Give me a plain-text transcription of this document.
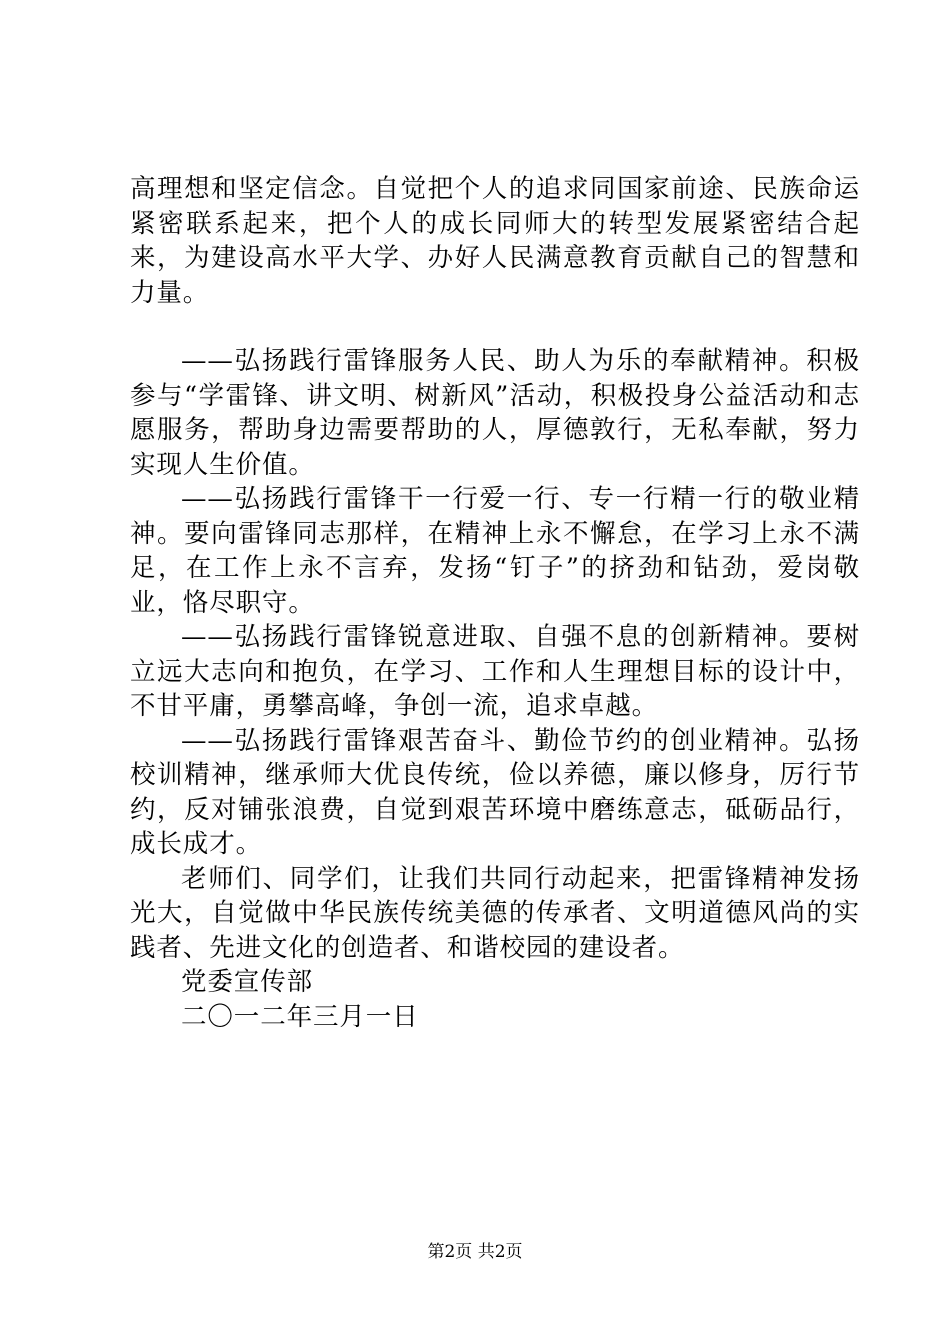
高理想和坚定信念。自觉把个人的追求同国家前途、民族命运紧密联系起来，把个人的成长同师大的转型发展紧密结合起来，为建设高水平大学、办好人民满意教育贡献自己的智慧和力量。

——弘扬践行雷锋服务人民、助人为乐的奉献精神。积极参与“学雷锋、讲文明、树新风”活动，积极投身公益活动和志愿服务，帮助身边需要帮助的人，厚德敦行，无私奉献，努力实现人生价值。

——弘扬践行雷锋干一行爱一行、专一行精一行的敬业精神。要向雷锋同志那样，在精神上永不懈怠，在学习上永不满足，在工作上永不言弃，发扬“钉子”的挤劲和钻劲，爱岗敬业，恪尽职守。

——弘扬践行雷锋锐意进取、自强不息的创新精神。要树立远大志向和抱负，在学习、工作和人生理想目标的设计中，不甘平庸，勇攀高峰，争创一流，追求卓越。

——弘扬践行雷锋艰苦奋斗、勤俭节约的创业精神。弘扬校训精神，继承师大优良传统，俭以养德，廉以修身，厉行节约，反对铺张浪费，自觉到艰苦环境中磨练意志，砥砺品行，成长成才。

老师们、同学们，让我们共同行动起来，把雷锋精神发扬光大，自觉做中华民族传统美德的传承者、文明道德风尚的实践者、先进文化的创造者、和谐校园的建设者。

党委宣传部

二〇一二年三月一日

第2页 共2页
